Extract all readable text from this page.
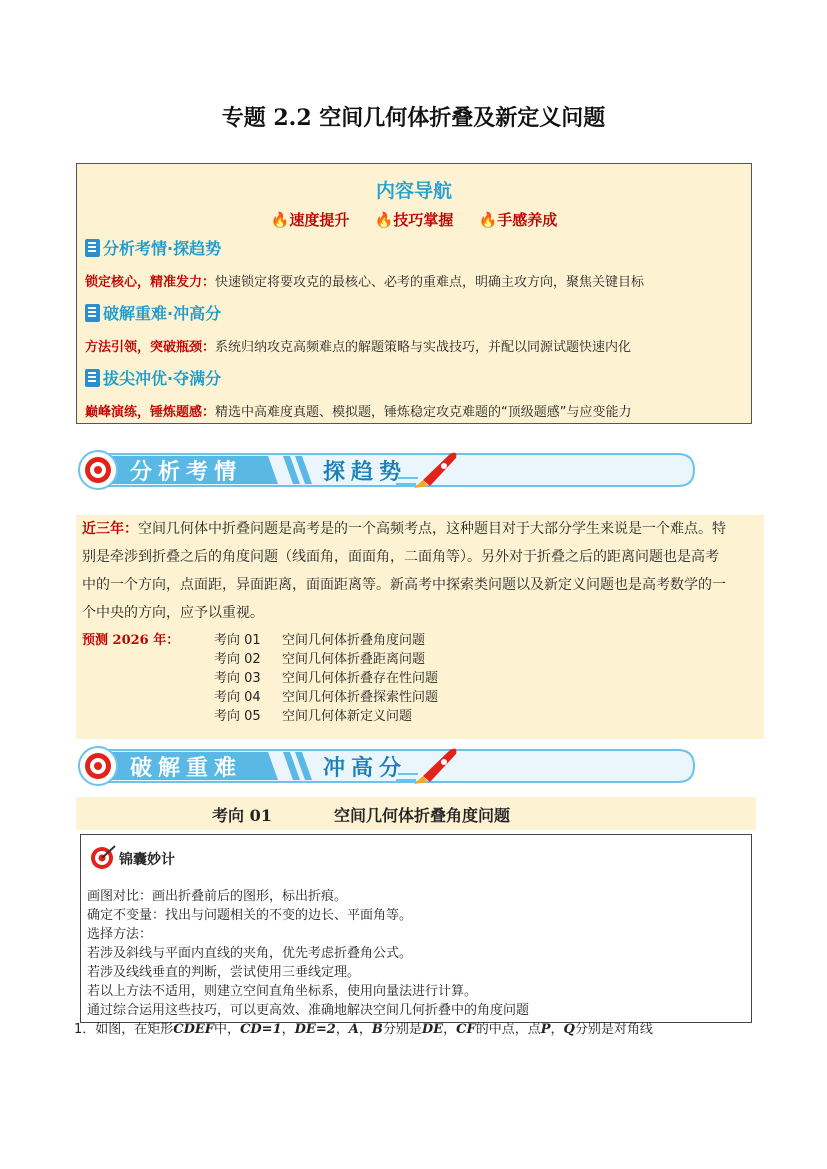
专题 2.2 空间几何体折叠及新定义问题
内容导航
🔥速度提升 🔥技巧掌握 🔥手感养成
分析考情·探趋势
锁定核心，精准发力：快速锁定将要攻克的最核心、必考的重难点，明确主攻方向，聚焦关键目标
破解重难·冲高分
方法引领，突破瓶颈：系统归纳攻克高频难点的解题策略与实战技巧，并配以同源试题快速内化
拔尖冲优·夺满分
巅峰演练，锤炼题感：精选中高难度真题、模拟题，锤炼稳定攻克难题的“顶级题感”与应变能力
分析考情	探趋势

近三年：空间几何体中折叠问题是高考是的一个高频考点，这种题目对于大部分学生来说是一个难点。特

别是牵涉到折叠之后的角度问题（线面角，面面角，二面角等）。另外对于折叠之后的距离问题也是高考

中的一个方向，点面距，异面距离，面面距离等。新高考中探索类问题以及新定义问题也是高考数学的一

个中央的方向，应予以重视。

预测 2026 年：	考向 01 空间几何体折叠角度问题
考向 02 空间几何体折叠距离问题
考向 03 空间几何体折叠存在性问题
考向 04 空间几何体折叠探索性问题
考向 05 空间几何体新定义问题
破解重难	冲高分
考向 01	空间几何体折叠角度问题
锦囊妙计
画图对比：画出折叠前后的图形，标出折痕。
确定不变量：找出与问题相关的不变的边长、平面角等。
选择方法：
若涉及斜线与平面内直线的夹角，优先考虑折叠角公式。
若涉及线线垂直的判断，尝试使用三垂线定理。
若以上方法不适用，则建立空间直角坐标系，使用向量法进行计算。
通过综合运用这些技巧，可以更高效、准确地解决空间几何折叠中的角度问题
1．如图，在矩形CDEF中，CD=1，DE=2，A，B分别是DE，CF的中点，点P，Q分别是对角线
